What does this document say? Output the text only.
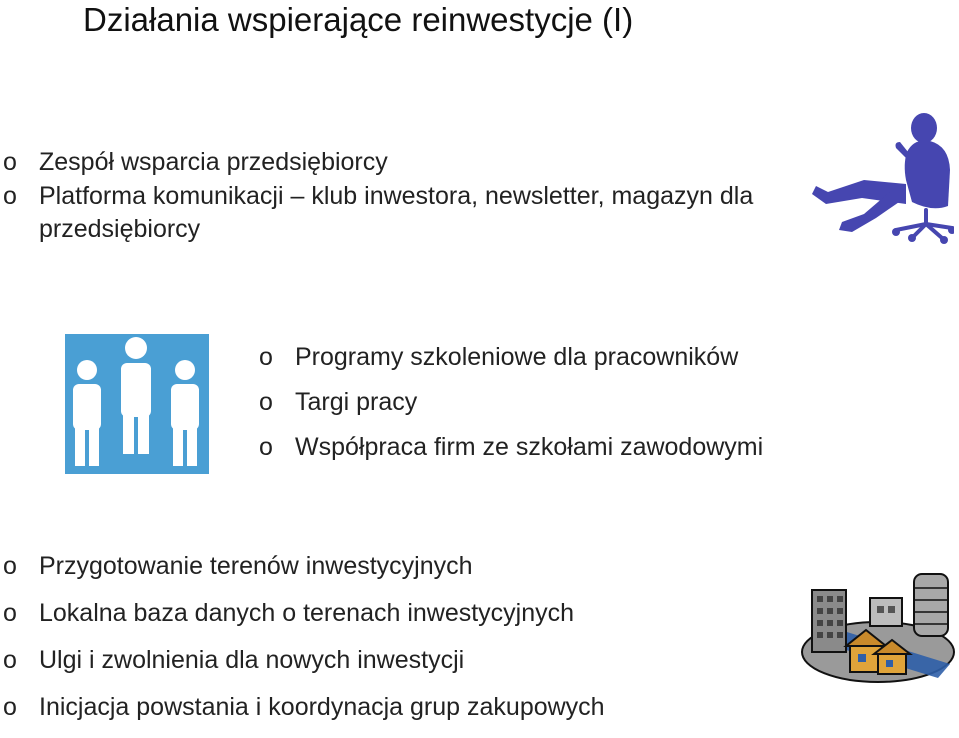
Działania wspierające reinwestycje (I)
o Zespół wsparcia przedsiębiorcy
o Platforma komunikacji – klub inwestora, newsletter, magazyn dla przedsiębiorcy
o Programy szkoleniowe dla pracowników
o Targi pracy
o Współpraca firm ze szkołami zawodowymi
o Przygotowanie terenów inwestycyjnych
o Lokalna baza danych o terenach inwestycyjnych
o Ulgi i zwolnienia dla nowych inwestycji
o Inicjacja powstania i koordynacja grup zakupowych
